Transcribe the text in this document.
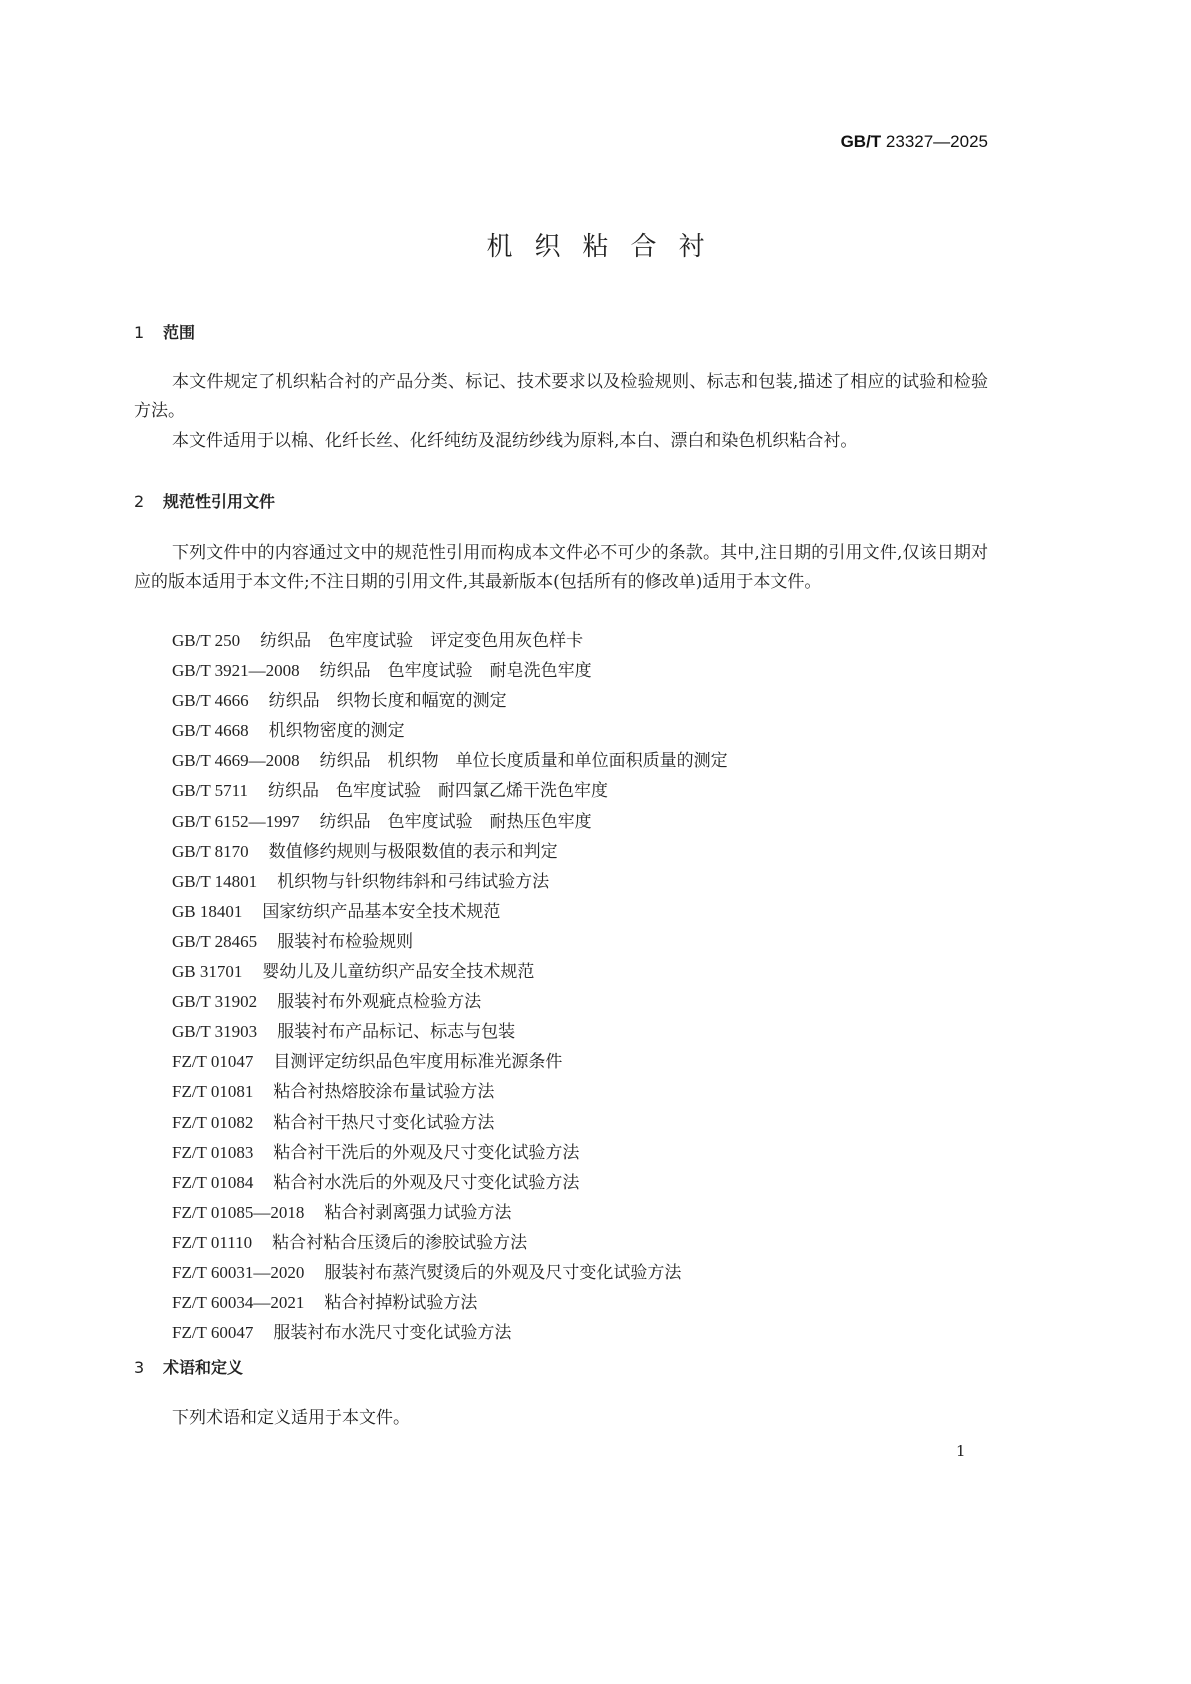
GB/T 23327—2025
机织粘合衬
1 范围
本文件规定了机织粘合衬的产品分类、标记、技术要求以及检验规则、标志和包装,描述了相应的试验和检验方法。
本文件适用于以棉、化纤长丝、化纤纯纺及混纺纱线为原料,本白、漂白和染色机织粘合衬。
2 规范性引用文件
下列文件中的内容通过文中的规范性引用而构成本文件必不可少的条款。其中,注日期的引用文件,仅该日期对应的版本适用于本文件;不注日期的引用文件,其最新版本(包括所有的修改单)适用于本文件。
GB/T 250 纺织品　色牢度试验　评定变色用灰色样卡
GB/T 3921—2008 纺织品　色牢度试验　耐皂洗色牢度
GB/T 4666 纺织品　织物长度和幅宽的测定
GB/T 4668 机织物密度的测定
GB/T 4669—2008 纺织品　机织物　单位长度质量和单位面积质量的测定
GB/T 5711 纺织品　色牢度试验　耐四氯乙烯干洗色牢度
GB/T 6152—1997 纺织品　色牢度试验　耐热压色牢度
GB/T 8170 数值修约规则与极限数值的表示和判定
GB/T 14801 机织物与针织物纬斜和弓纬试验方法
GB 18401 国家纺织产品基本安全技术规范
GB/T 28465 服装衬布检验规则
GB 31701 婴幼儿及儿童纺织产品安全技术规范
GB/T 31902 服装衬布外观疵点检验方法
GB/T 31903 服装衬布产品标记、标志与包装
FZ/T 01047 目测评定纺织品色牢度用标准光源条件
FZ/T 01081 粘合衬热熔胶涂布量试验方法
FZ/T 01082 粘合衬干热尺寸变化试验方法
FZ/T 01083 粘合衬干洗后的外观及尺寸变化试验方法
FZ/T 01084 粘合衬水洗后的外观及尺寸变化试验方法
FZ/T 01085—2018 粘合衬剥离强力试验方法
FZ/T 01110 粘合衬粘合压烫后的渗胶试验方法
FZ/T 60031—2020 服装衬布蒸汽熨烫后的外观及尺寸变化试验方法
FZ/T 60034—2021 粘合衬掉粉试验方法
FZ/T 60047 服装衬布水洗尺寸变化试验方法
3 术语和定义
下列术语和定义适用于本文件。
1
